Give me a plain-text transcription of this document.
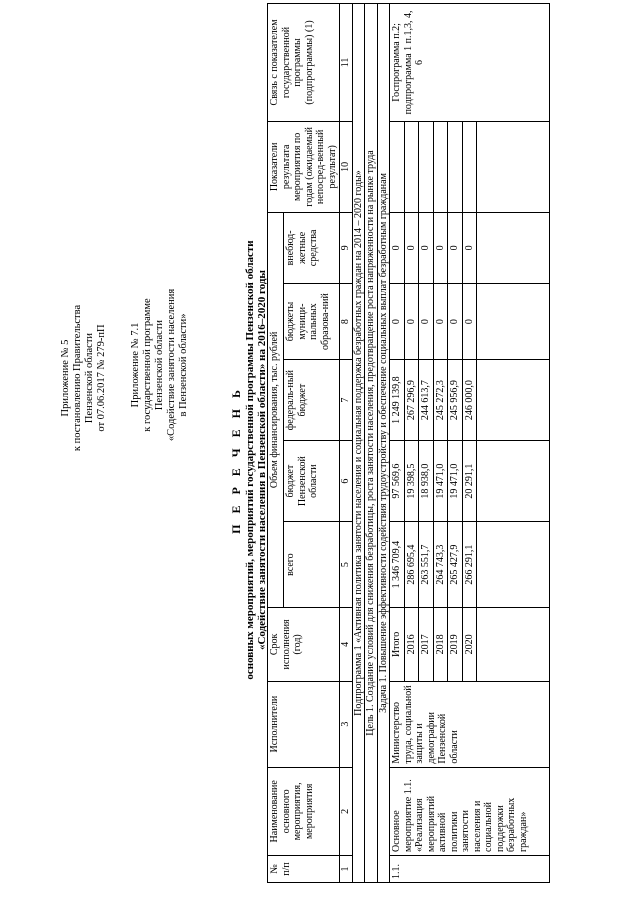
Приложение № 5 к постановлению Правительства Пензенской области от 07.06.2017 № 279-пП Приложение № 7.1 к государственной программе Пензенской области «Содействие занятости населения в Пензенской области»
П Е Р Е Ч Е Н Ь основных мероприятий, мероприятий государственной программы Пензенской области «Содействие занятости населения в Пензенской области» на 2016–2020 годы
№ п/п	Наименование основного мероприятия, мероприятия	Исполнители	Срок исполнения (год)	Объем финансирования, тыс. рублей					Показатели результата мероприятия по годам (ожидаемый непосред-венный результат)	Связь с показателем государственной программы (подпрограммы) (1)
				всего	бюджет Пензенской области	федераль-ный бюджет	бюджеты муници-пальных образова-ний	внебюд-жетные средства		
1	2	3	4	5	6	7	8	9	10	11
Подпрограмма 1 «Активная политика занятости населения и социальная поддержка безработных граждан на 2014 – 2020 годы»										
Цель 1. Создание условий для снижения безработицы, роста занятости населения, предотвращение роста напряженности на рынке труда										
Задача 1. Повышение эффективности содействия трудоустройству и обеспечение социальных выплат безработным гражданам										
1.1.	Основное мероприятие 1.1. «Реализация мероприятий активной политики занятости населения и социальной поддержки безработных граждан»	Министерство труда, социальной защиты и демографии Пензенской области	Итого	1 346 709,4	97 569,6	1 249 139,8	0	0		Госпрограмма п.2; подпрограмма 1 п.1,3, 4, 6
			2016	286 695,4	19 398,5	267 296,9	0	0		
			2017	263 551,7	18 938,0	244 613,7	0	0		
			2018	264 743,3	19 471,0	245 272,3	0	0		
			2019	265 427,9	19 471,0	245 956,9	0	0		
			2020	266 291,1	20 291,1	246 000,0	0	0		
